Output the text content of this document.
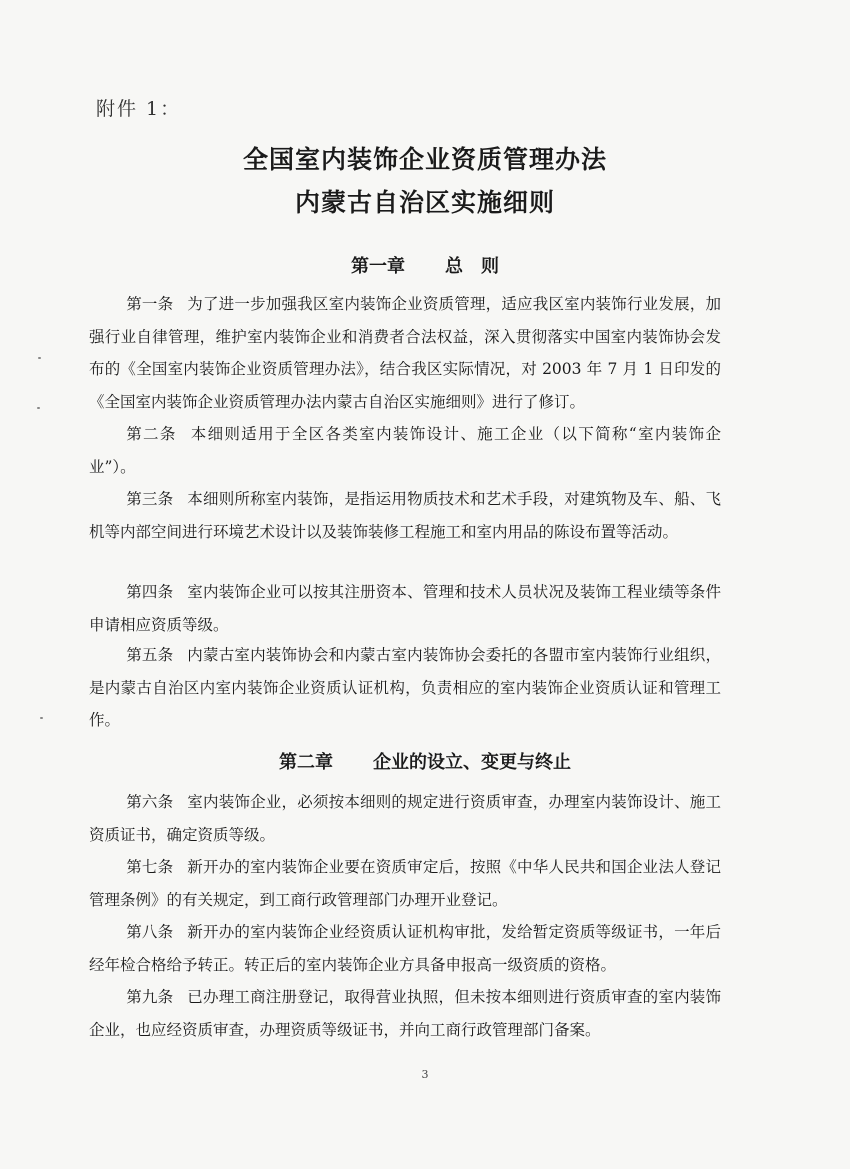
附件 1：
全国室内装饰企业资质管理办法
内蒙古自治区实施细则
第一章 总　则
第一条 为了进一步加强我区室内装饰企业资质管理，适应我区室内装饰行业发展，加强行业自律管理，维护室内装饰企业和消费者合法权益，深入贯彻落实中国室内装饰协会发布的《全国室内装饰企业资质管理办法》，结合我区实际情况，对 2003 年 7 月 1 日印发的《全国室内装饰企业资质管理办法内蒙古自治区实施细则》进行了修订。
第二条 本细则适用于全区各类室内装饰设计、施工企业（以下简称“室内装饰企业”）。
第三条 本细则所称室内装饰，是指运用物质技术和艺术手段，对建筑物及车、船、飞机等内部空间进行环境艺术设计以及装饰装修工程施工和室内用品的陈设布置等活动。
第四条 室内装饰企业可以按其注册资本、管理和技术人员状况及装饰工程业绩等条件申请相应资质等级。
第五条 内蒙古室内装饰协会和内蒙古室内装饰协会委托的各盟市室内装饰行业组织，是内蒙古自治区内室内装饰企业资质认证机构，负责相应的室内装饰企业资质认证和管理工作。
第二章 企业的设立、变更与终止
第六条 室内装饰企业，必须按本细则的规定进行资质审查，办理室内装饰设计、施工资质证书，确定资质等级。
第七条 新开办的室内装饰企业要在资质审定后，按照《中华人民共和国企业法人登记管理条例》的有关规定，到工商行政管理部门办理开业登记。
第八条 新开办的室内装饰企业经资质认证机构审批，发给暂定资质等级证书，一年后经年检合格给予转正。转正后的室内装饰企业方具备申报高一级资质的资格。
第九条 已办理工商注册登记，取得营业执照，但未按本细则进行资质审查的室内装饰企业，也应经资质审查，办理资质等级证书，并向工商行政管理部门备案。
3
